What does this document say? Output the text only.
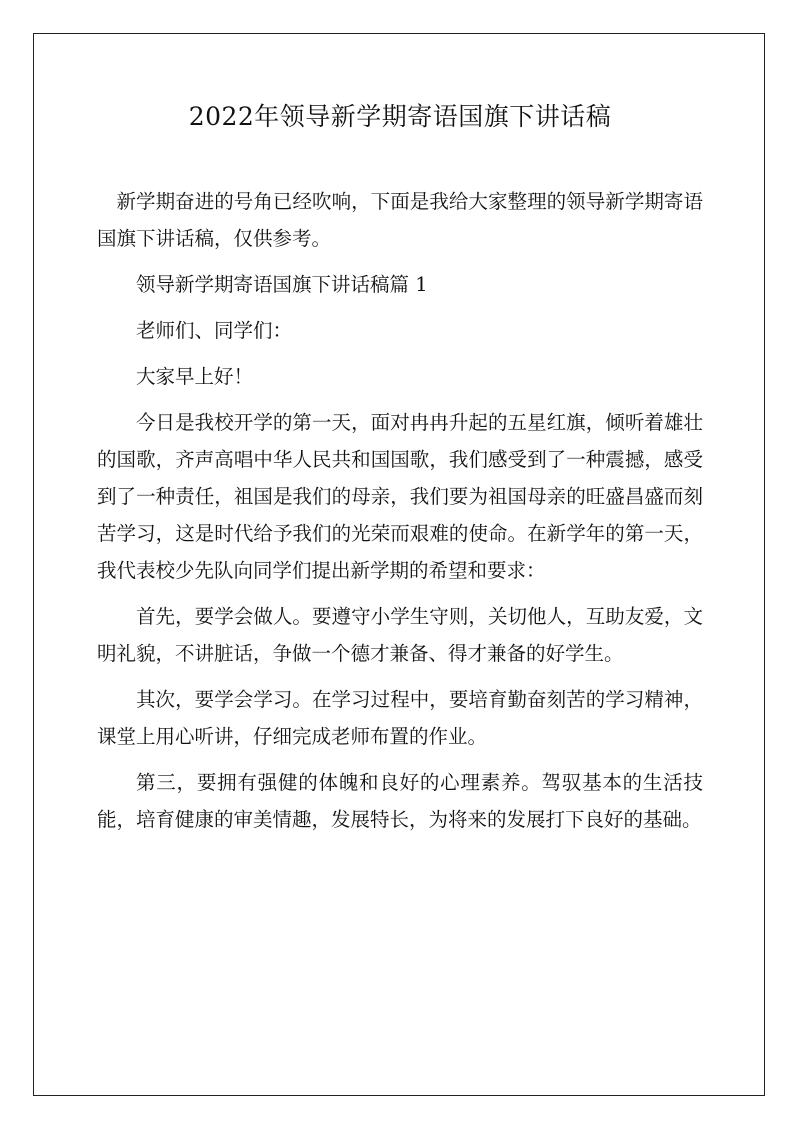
2022年领导新学期寄语国旗下讲话稿

新学期奋进的号角已经吹响，下面是我给大家整理的领导新学期寄语国旗下讲话稿，仅供参考。

领导新学期寄语国旗下讲话稿篇 1

老师们、同学们：

大家早上好！

今日是我校开学的第一天，面对冉冉升起的五星红旗，倾听着雄壮的国歌，齐声高唱中华人民共和国国歌，我们感受到了一种震撼，感受到了一种责任，祖国是我们的母亲，我们要为祖国母亲的旺盛昌盛而刻苦学习，这是时代给予我们的光荣而艰难的使命。在新学年的第一天，我代表校少先队向同学们提出新学期的希望和要求：

首先，要学会做人。要遵守小学生守则，关切他人，互助友爱，文明礼貌，不讲脏话，争做一个德才兼备、得才兼备的好学生。

其次，要学会学习。在学习过程中，要培育勤奋刻苦的学习精神，课堂上用心听讲，仔细完成老师布置的作业。

第三，要拥有强健的体魄和良好的心理素养。驾驭基本的生活技能，培育健康的审美情趣，发展特长，为将来的发展打下良好的基础。
